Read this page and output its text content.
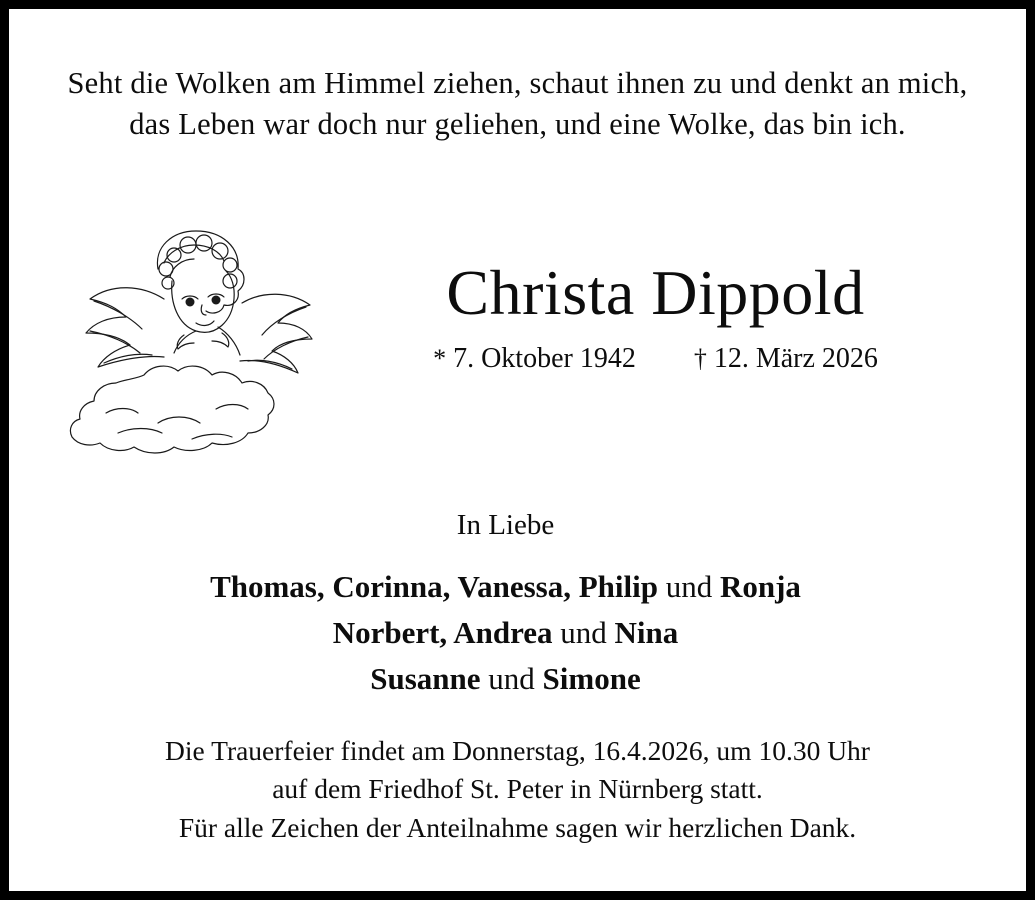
Seht die Wolken am Himmel ziehen, schaut ihnen zu und denkt an mich,
das Leben war doch nur geliehen, und eine Wolke, das bin ich.
Christa Dippold
* 7. Oktober 1942 † 12. März 2026
In Liebe
Thomas, Corinna, Vanessa, Philip und Ronja
Norbert, Andrea und Nina
Susanne und Simone
Die Trauerfeier findet am Donnerstag, 16.4.2026, um 10.30 Uhr
auf dem Friedhof St. Peter in Nürnberg statt.
Für alle Zeichen der Anteilnahme sagen wir herzlichen Dank.
